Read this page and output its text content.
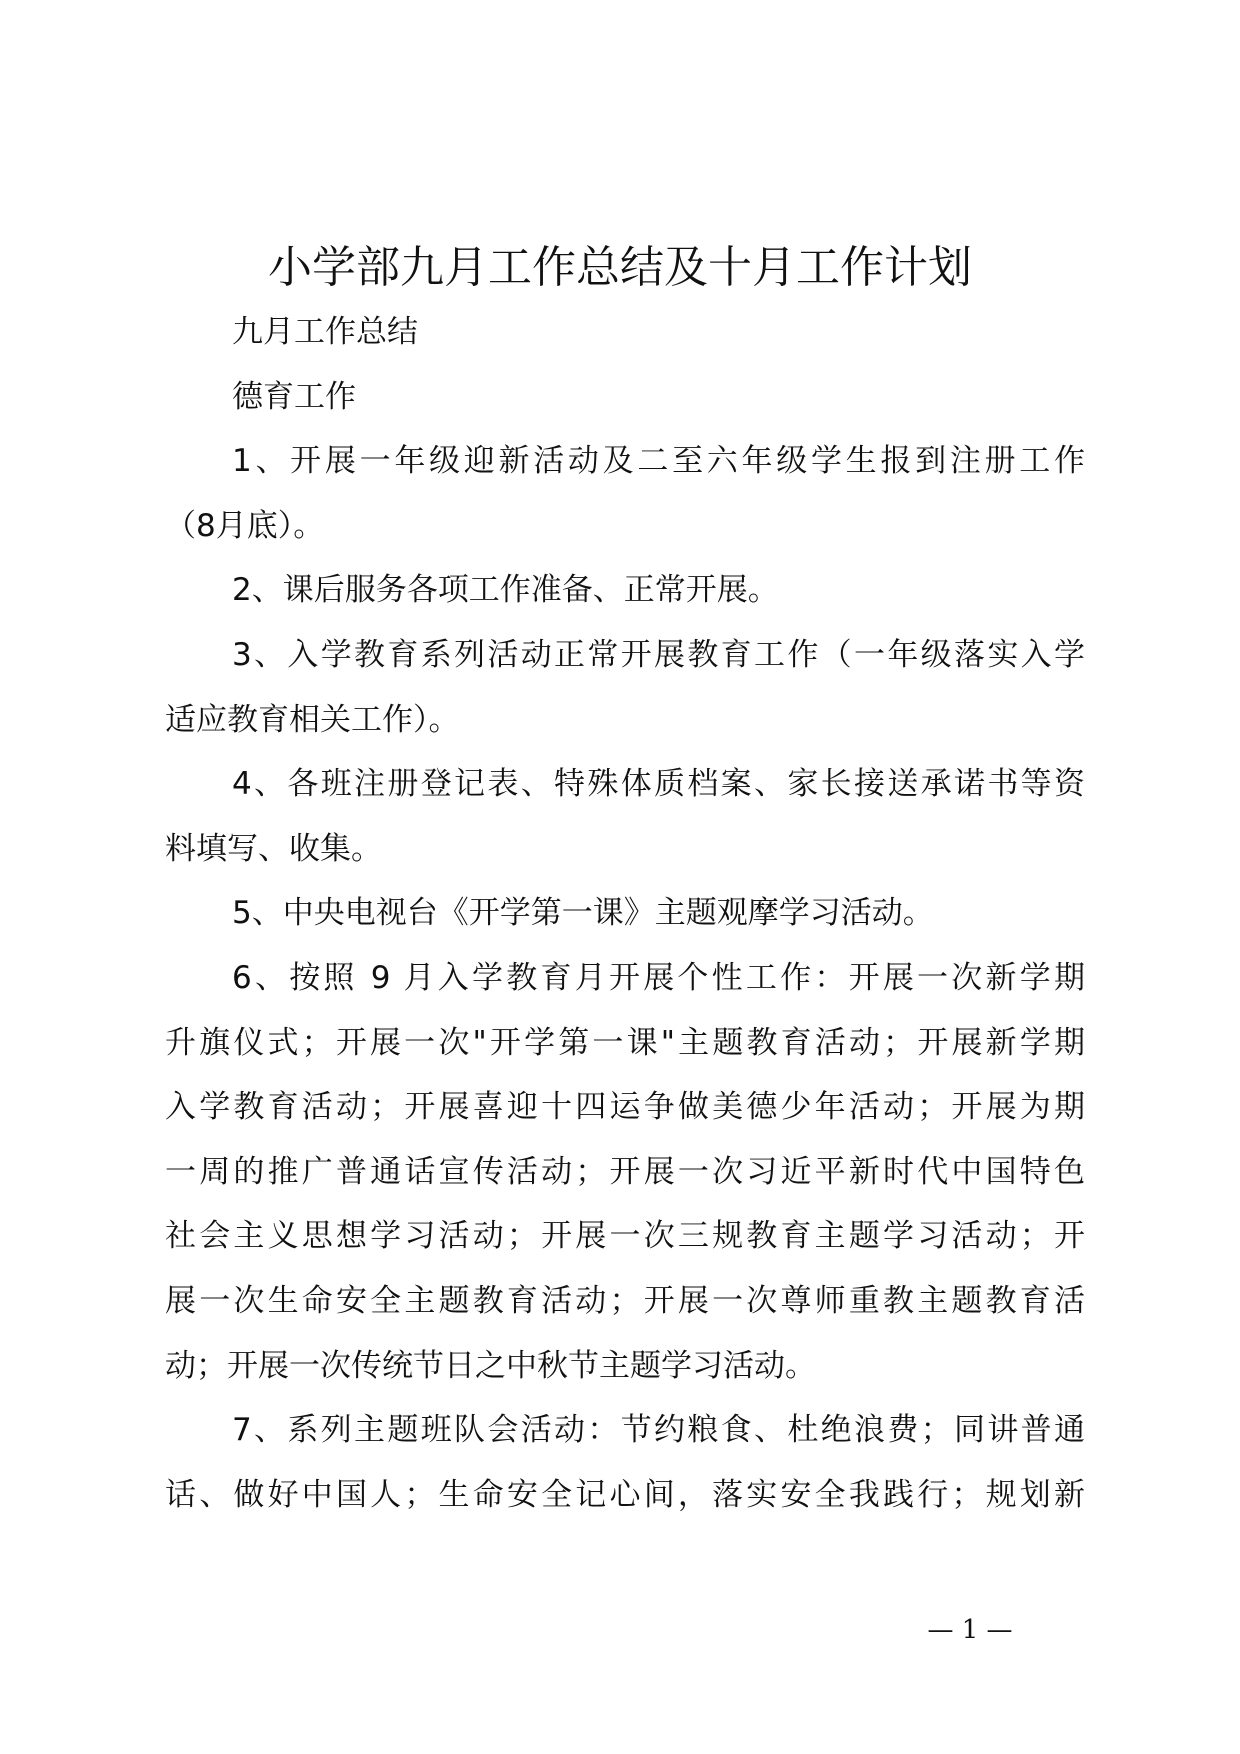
小学部九月工作总结及十月工作计划
九月工作总结
德育工作
1、开展一年级迎新活动及二至六年级学生报到注册工作
（8月底）。
2、课后服务各项工作准备、正常开展。
3、入学教育系列活动正常开展教育工作（一年级落实入学
适应教育相关工作）。
4、各班注册登记表、特殊体质档案、家长接送承诺书等资
料填写、收集。
5、中央电视台《开学第一课》主题观摩学习活动。
6、按照 9 月入学教育月开展个性工作：开展一次新学期
升旗仪式；开展一次"开学第一课"主题教育活动；开展新学期
入学教育活动；开展喜迎十四运争做美德少年活动；开展为期
一周的推广普通话宣传活动；开展一次习近平新时代中国特色
社会主义思想学习活动；开展一次三规教育主题学习活动；开
展一次生命安全主题教育活动；开展一次尊师重教主题教育活
动；开展一次传统节日之中秋节主题学习活动。
7、系列主题班队会活动：节约粮食、杜绝浪费；同讲普通
话、做好中国人；生命安全记心间，落实安全我践行；规划新
— 1 —
